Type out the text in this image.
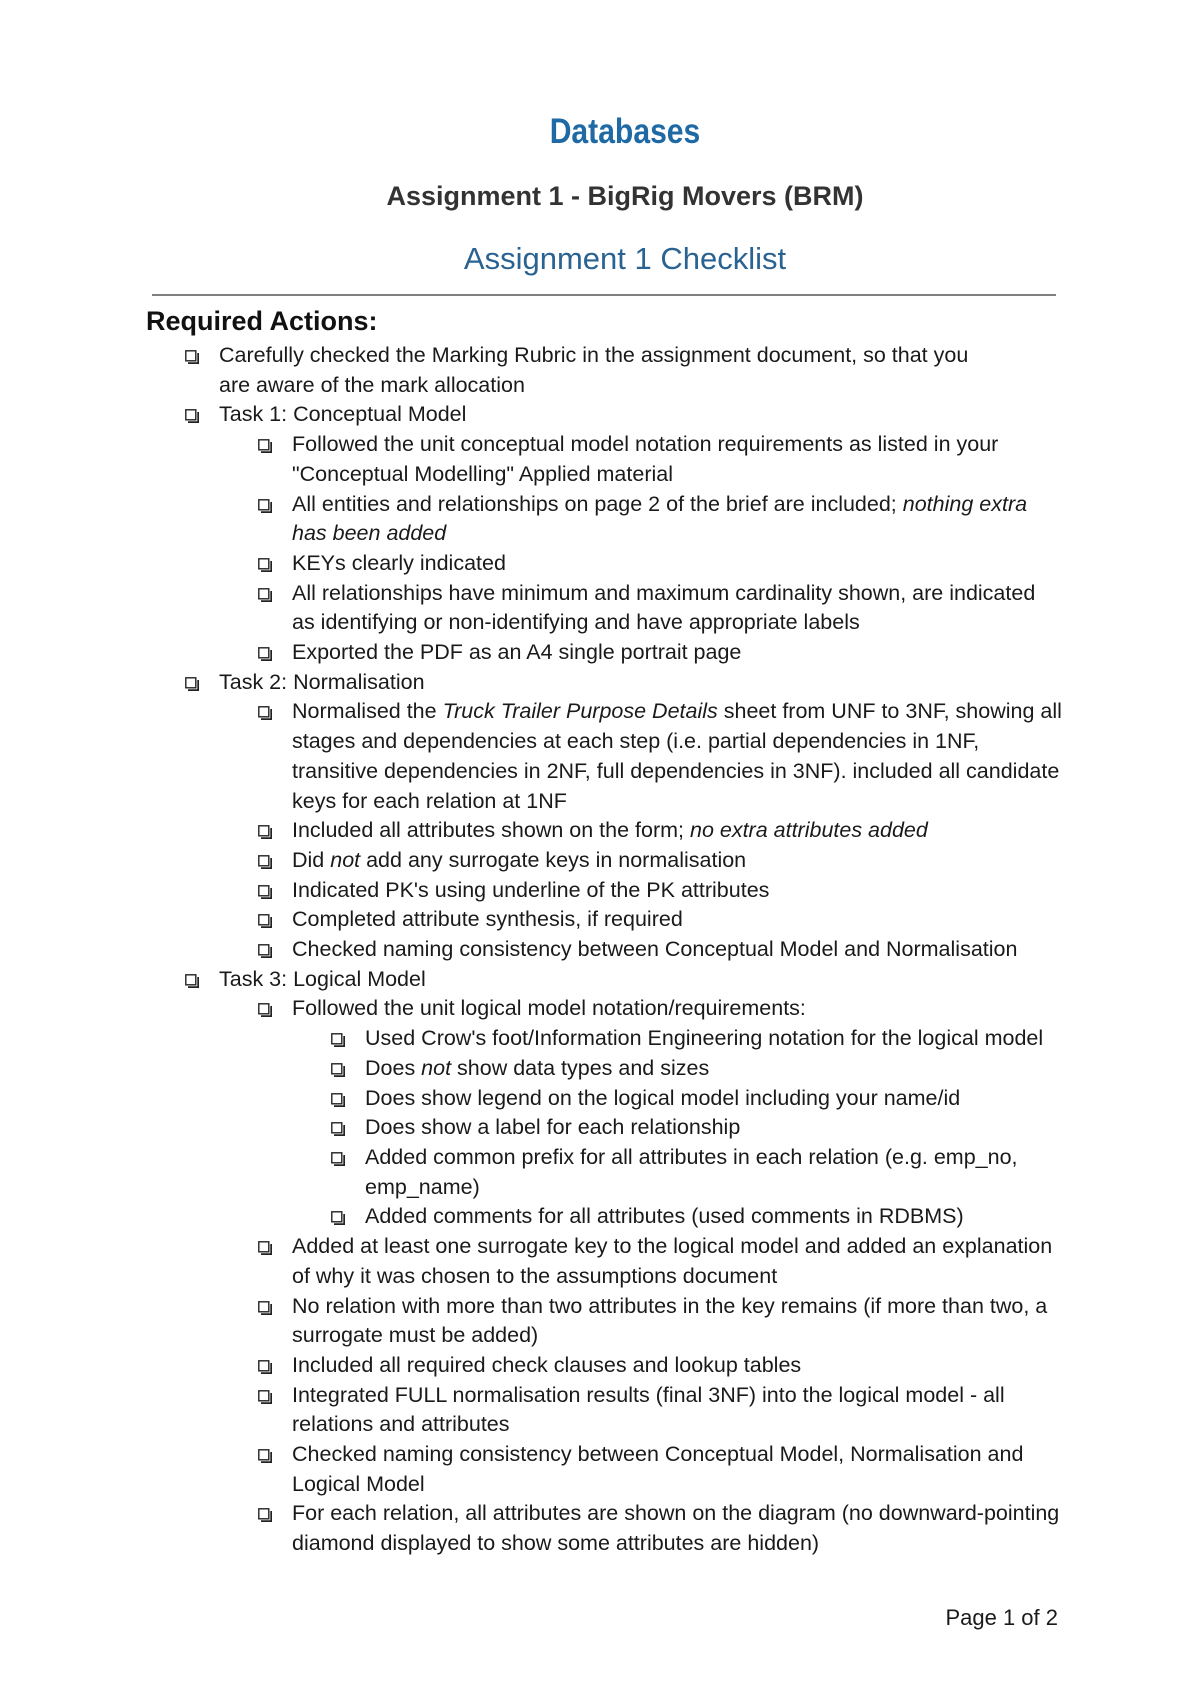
Databases
Assignment 1 - BigRig Movers (BRM)
Assignment 1 Checklist
Required Actions:
Carefully checked the Marking Rubric in the assignment document, so that you are aware of the mark allocation
Task 1: Conceptual Model
Followed the unit conceptual model notation requirements as listed in your "Conceptual Modelling" Applied material
All entities and relationships on page 2 of the brief are included; nothing extra has been added
KEYs clearly indicated
All relationships have minimum and maximum cardinality shown, are indicated as identifying or non-identifying and have appropriate labels
Exported the PDF as an A4 single portrait page
Task 2: Normalisation
Normalised the Truck Trailer Purpose Details sheet from UNF to 3NF, showing all stages and dependencies at each step (i.e. partial dependencies in 1NF, transitive dependencies in 2NF, full dependencies in 3NF). included all candidate keys for each relation at 1NF
Included all attributes shown on the form; no extra attributes added
Did not add any surrogate keys in normalisation
Indicated PK's using underline of the PK attributes
Completed attribute synthesis, if required
Checked naming consistency between Conceptual Model and Normalisation
Task 3: Logical Model
Followed the unit logical model notation/requirements:
Used Crow's foot/Information Engineering notation for the logical model
Does not show data types and sizes
Does show legend on the logical model including your name/id
Does show a label for each relationship
Added common prefix for all attributes in each relation (e.g. emp_no, emp_name)
Added comments for all attributes (used comments in RDBMS)
Added at least one surrogate key to the logical model and added an explanation of why it was chosen to the assumptions document
No relation with more than two attributes in the key remains (if more than two, a surrogate must be added)
Included all required check clauses and lookup tables
Integrated FULL normalisation results (final 3NF) into the logical model - all relations and attributes
Checked naming consistency between Conceptual Model, Normalisation and Logical Model
For each relation, all attributes are shown on the diagram (no downward-pointing diamond displayed to show some attributes are hidden)
Page 1 of 2
